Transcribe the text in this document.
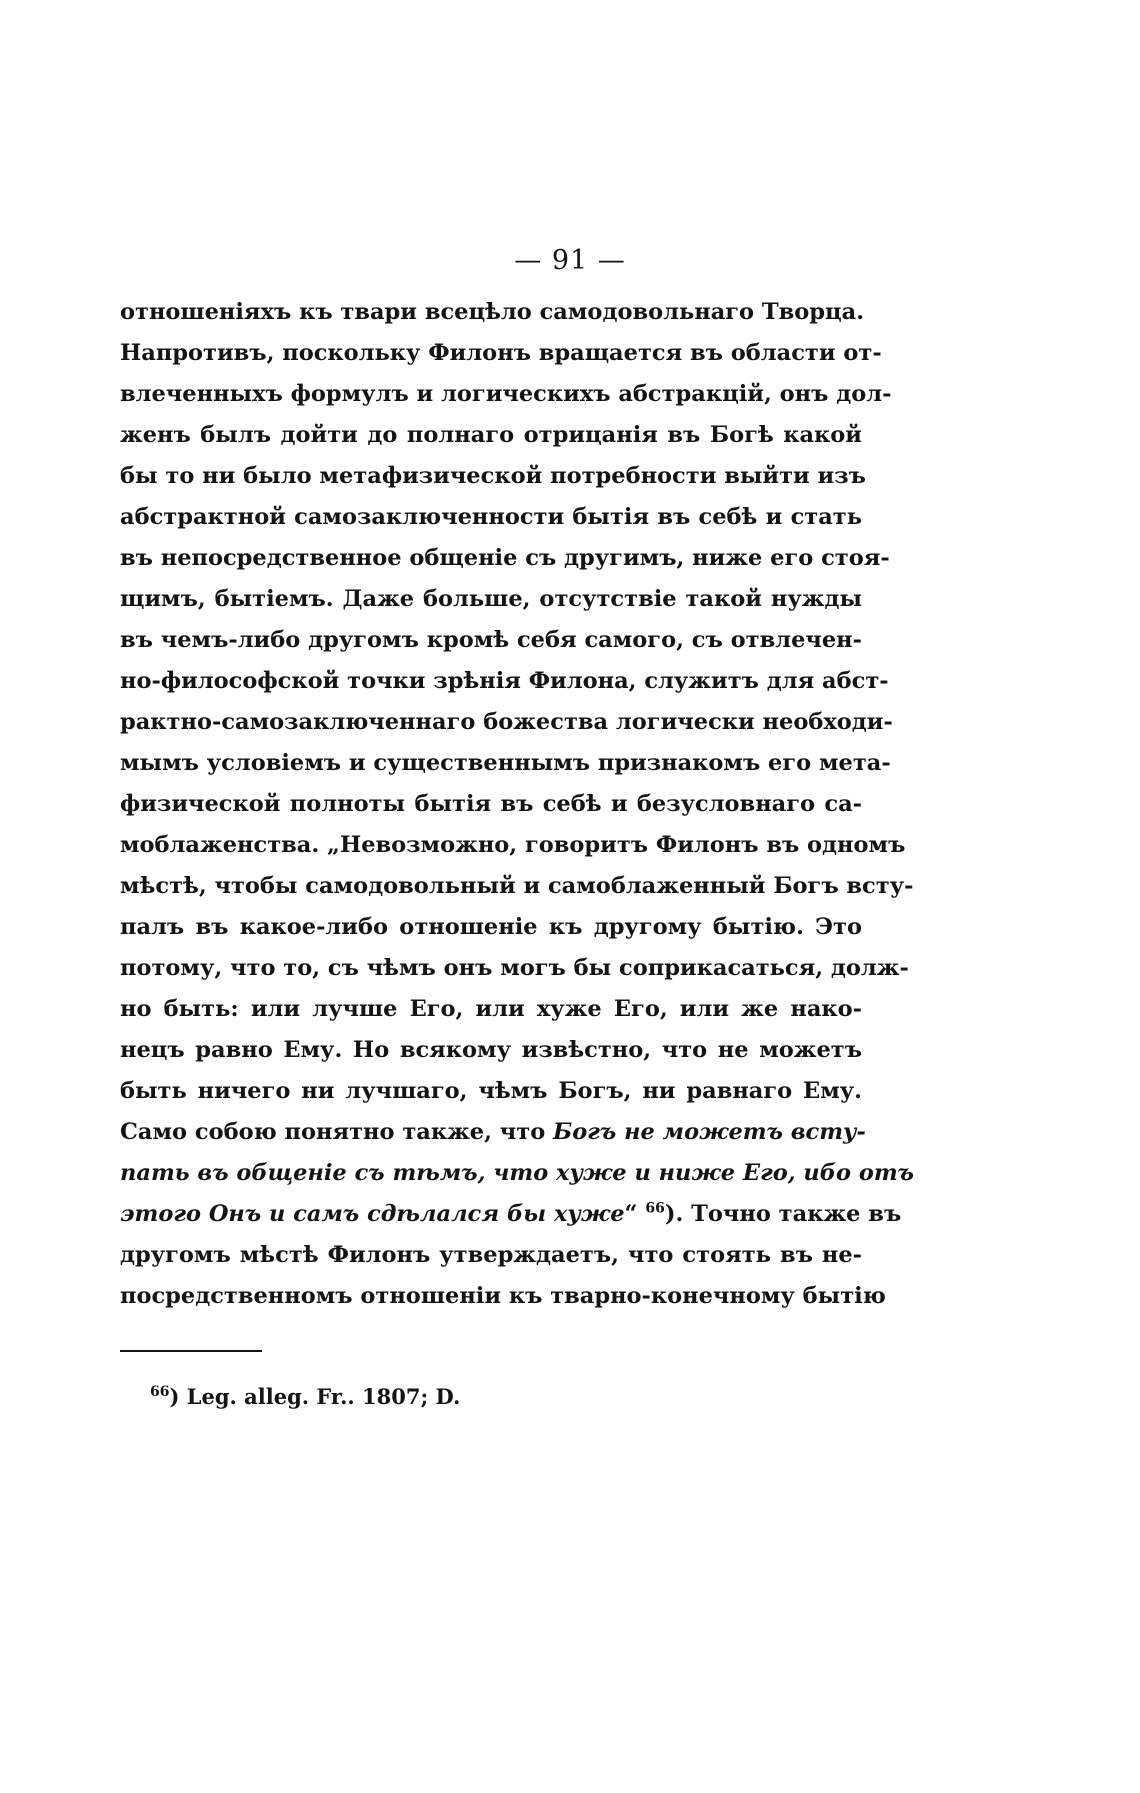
— 91 —
отношеніяхъ къ твари всецѣло самодовольнаго Творца.
Напротивъ, поскольку Филонъ вращается въ области от-
влеченныхъ формулъ и логическихъ абстракцій, онъ дол-
женъ былъ дойти до полнаго отрицанія въ Богѣ какой
бы то ни было метафизической потребности выйти изъ
абстрактной самозаключенности бытія въ себѣ и стать
въ непосредственное общеніе съ другимъ, ниже его стоя-
щимъ, бытіемъ. Даже больше, отсутствіе такой нужды
въ чемъ-либо другомъ кромѣ себя самого, съ отвлечен-
но-философской точки зрѣнія Филона, служитъ для абст-
рактно-самозаключеннаго божества логически необходи-
мымъ условіемъ и существеннымъ признакомъ его мета-
физической полноты бытія въ себѣ и безусловнаго са-
моблаженства. „Невозможно, говоритъ Филонъ въ одномъ
мѣстѣ, чтобы самодовольный и самоблаженный Богъ всту-
палъ въ какое-либо отношеніе къ другому бытію. Это
потому, что то, съ чѣмъ онъ могъ бы соприкасаться, долж-
но быть: или лучше Его, или хуже Его, или же нако-
нецъ равно Ему. Но всякому извѣстно, что не можетъ
быть ничего ни лучшаго, чѣмъ Богъ, ни равнаго Ему.
Само собою понятно также, что Богъ не можетъ всту-
пать въ общеніе съ тѣмъ, что хуже и ниже Его, ибо отъ
этого Онъ и самъ сдѣлался бы хуже“ $^{66}$). Точно также въ
другомъ мѣстѣ Филонъ утверждаетъ, что стоять въ не-
посредственномъ отношеніи къ тварно-конечному бытію
$^{66}$) Leg. alleg. Fr.. 1807; D.
